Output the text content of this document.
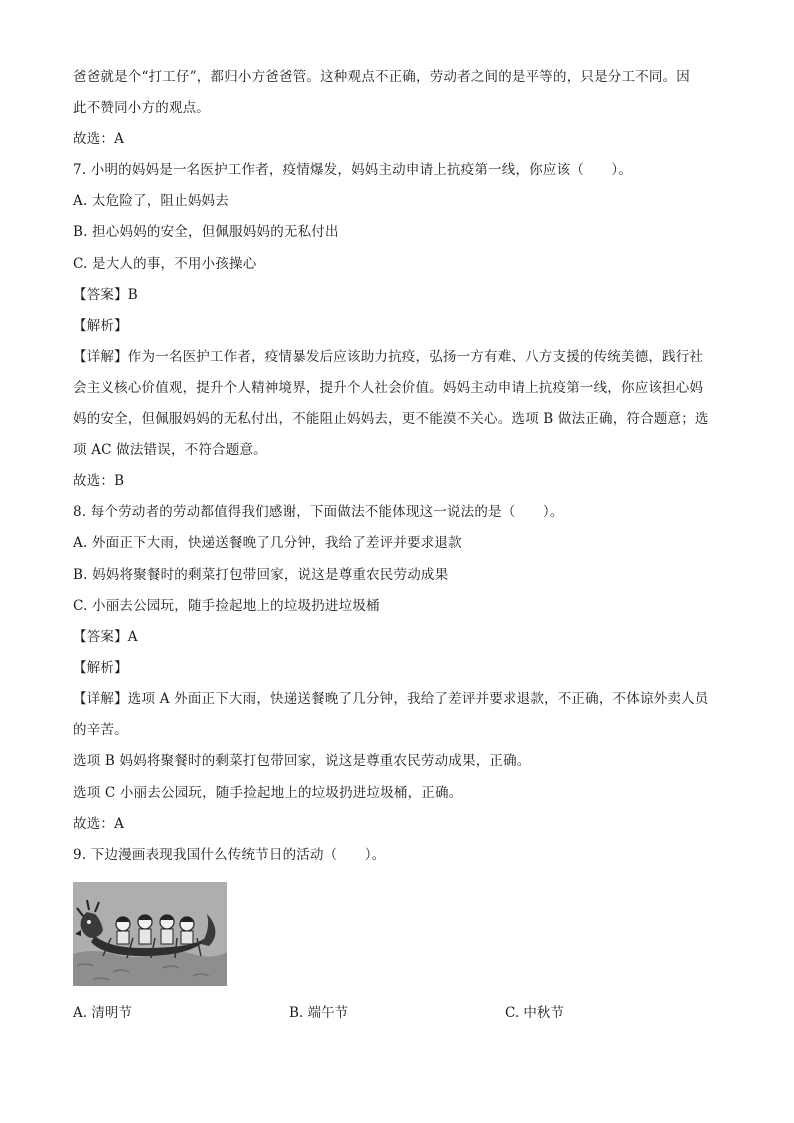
爸爸就是个“打工仔”，都归小方爸爸管。这种观点不正确，劳动者之间的是平等的，只是分工不同。因
此不赞同小方的观点。
故选：A
7. 小明的妈妈是一名医护工作者，疫情爆发，妈妈主动申请上抗疫第一线，你应该（　　）。
A. 太危险了，阻止妈妈去
B. 担心妈妈的安全，但佩服妈妈的无私付出
C. 是大人的事，不用小孩操心
【答案】B
【解析】
【详解】作为一名医护工作者，疫情暴发后应该助力抗疫，弘扬一方有难、八方支援的传统美德，践行社
会主义核心价值观，提升个人精神境界，提升个人社会价值。妈妈主动申请上抗疫第一线，你应该担心妈
妈的安全，但佩服妈妈的无私付出，不能阻止妈妈去，更不能漠不关心。选项 B 做法正确，符合题意；选
项 AC 做法错误，不符合题意。
故选：B
8. 每个劳动者的劳动都值得我们感谢，下面做法不能体现这一说法的是（　　）。
A. 外面正下大雨，快递送餐晚了几分钟，我给了差评并要求退款
B. 妈妈将聚餐时的剩菜打包带回家，说这是尊重农民劳动成果
C. 小丽去公园玩，随手捡起地上的垃圾扔进垃圾桶
【答案】A
【解析】
【详解】选项 A 外面正下大雨，快递送餐晚了几分钟，我给了差评并要求退款，不正确，不体谅外卖人员
的辛苦。
选项 B 妈妈将聚餐时的剩菜打包带回家，说这是尊重农民劳动成果，正确。
选项 C 小丽去公园玩，随手捡起地上的垃圾扔进垃圾桶，正确。
故选：A
9. 下边漫画表现我国什么传统节日的活动（　　）。
A. 清明节	B. 端午节	C. 中秋节
